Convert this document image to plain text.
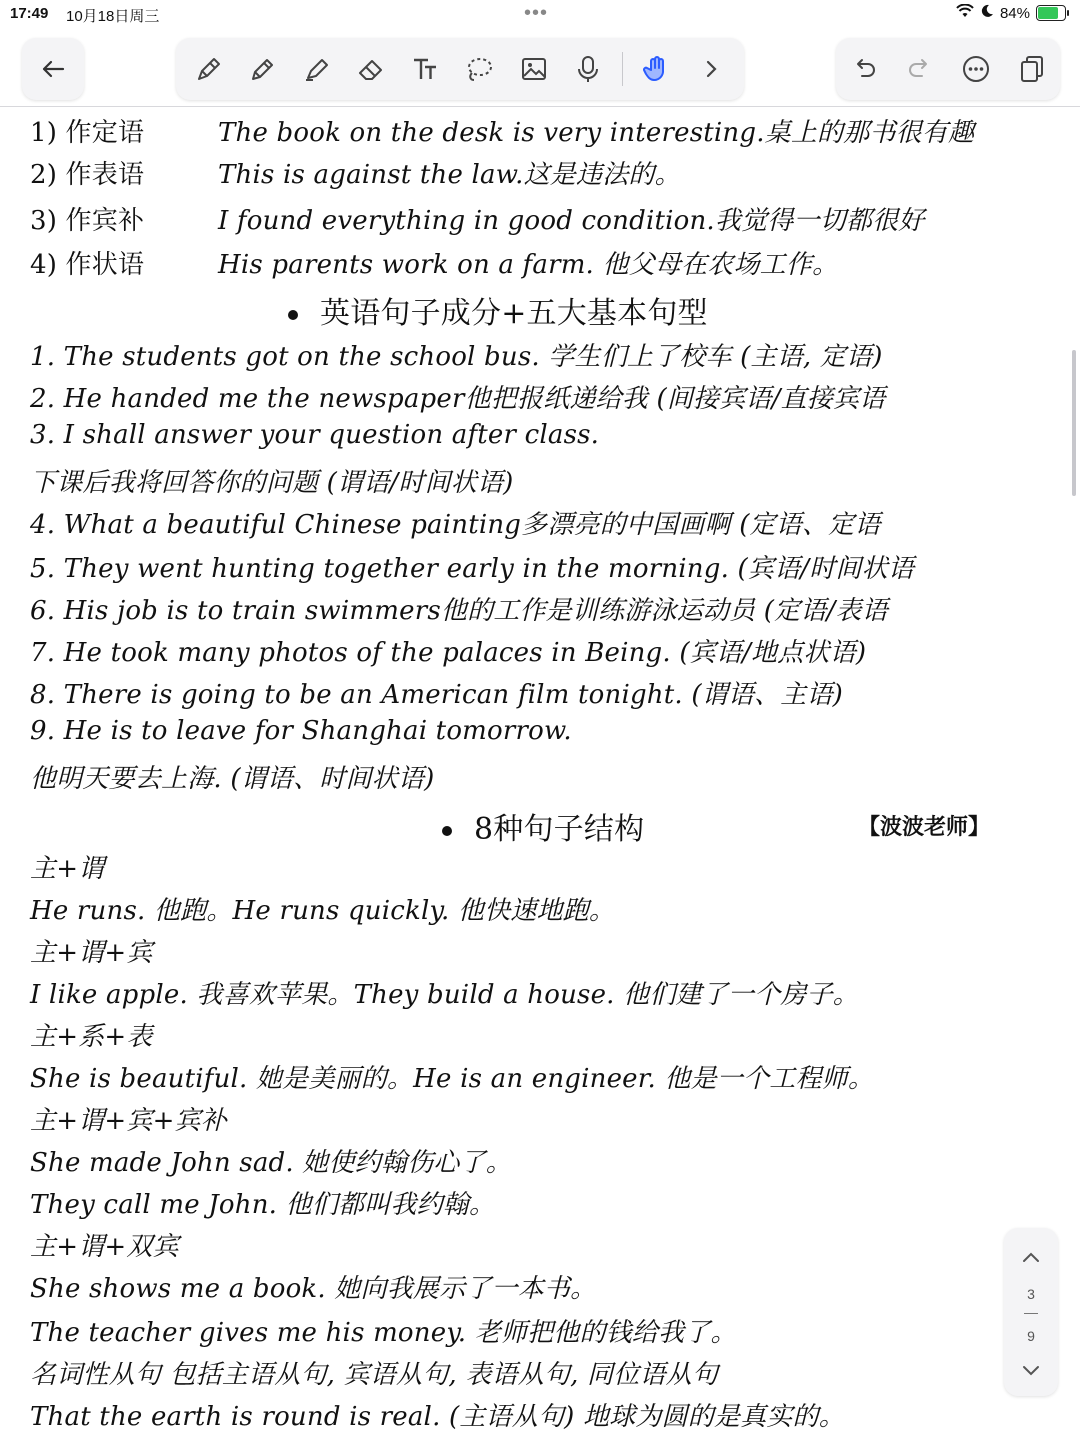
17:49 10月18日周三	•••	84%
1) 作定语	The book on the desk is very interesting.桌上的那书很有趣
2) 作表语	This is against the law.这是违法的。
3) 作宾补	I found everything in good condition.我觉得一切都很好
4) 作状语	His parents work on a farm. 他父母在农场工作。
英语句子成分+五大基本句型
1. The students got on the school bus. 学生们上了校车 (主语, 定语)
2. He handed me the newspaper他把报纸递给我 (间接宾语/直接宾语
3. I shall answer your question after class.
下课后我将回答你的问题 (谓语/时间状语)
4. What a beautiful Chinese painting多漂亮的中国画啊 (定语、定语
5. They went hunting together early in the morning. (宾语/时间状语
6. His job is to train swimmers他的工作是训练游泳运动员 (定语/表语
7. He took many photos of the palaces in Being. (宾语/地点状语)
8. There is going to be an American film tonight. (谓语、主语)
9. He is to leave for Shanghai tomorrow.
他明天要去上海. (谓语、时间状语)
8种句子结构	【波波老师】
主+谓
He runs. 他跑。He runs quickly. 他快速地跑。
主+谓+宾
I like apple. 我喜欢苹果。They build a house. 他们建了一个房子。
主+系+表
She is beautiful. 她是美丽的。He is an engineer. 他是一个工程师。
主+谓+宾+宾补
She made John sad. 她使约翰伤心了。
They call me John. 他们都叫我约翰。
主+谓+双宾
She shows me a book. 她向我展示了一本书。
The teacher gives me his money. 老师把他的钱给我了。
名词性从句 包括主语从句, 宾语从句, 表语从句, 同位语从句
That the earth is round is real. (主语从句) 地球为圆的是真实的。
3
9
